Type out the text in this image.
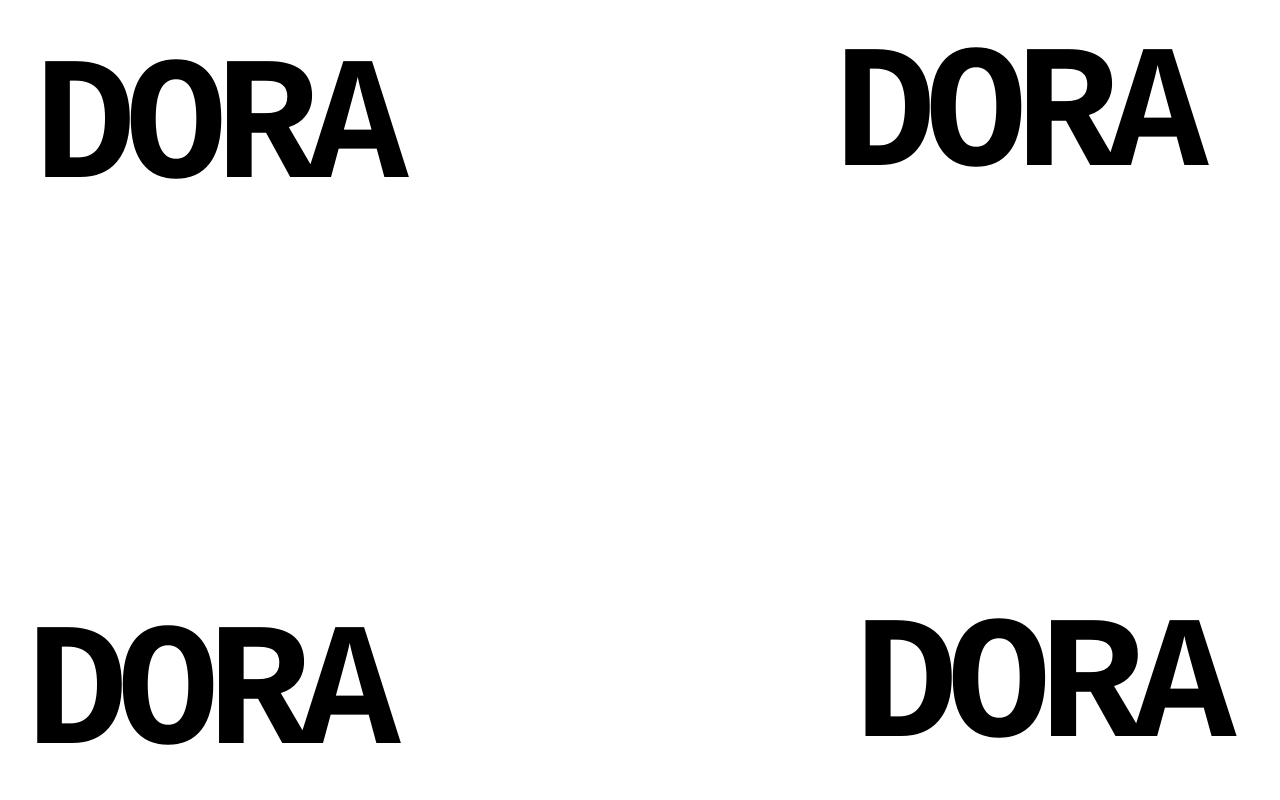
DORA DORA
DORA	DORA
